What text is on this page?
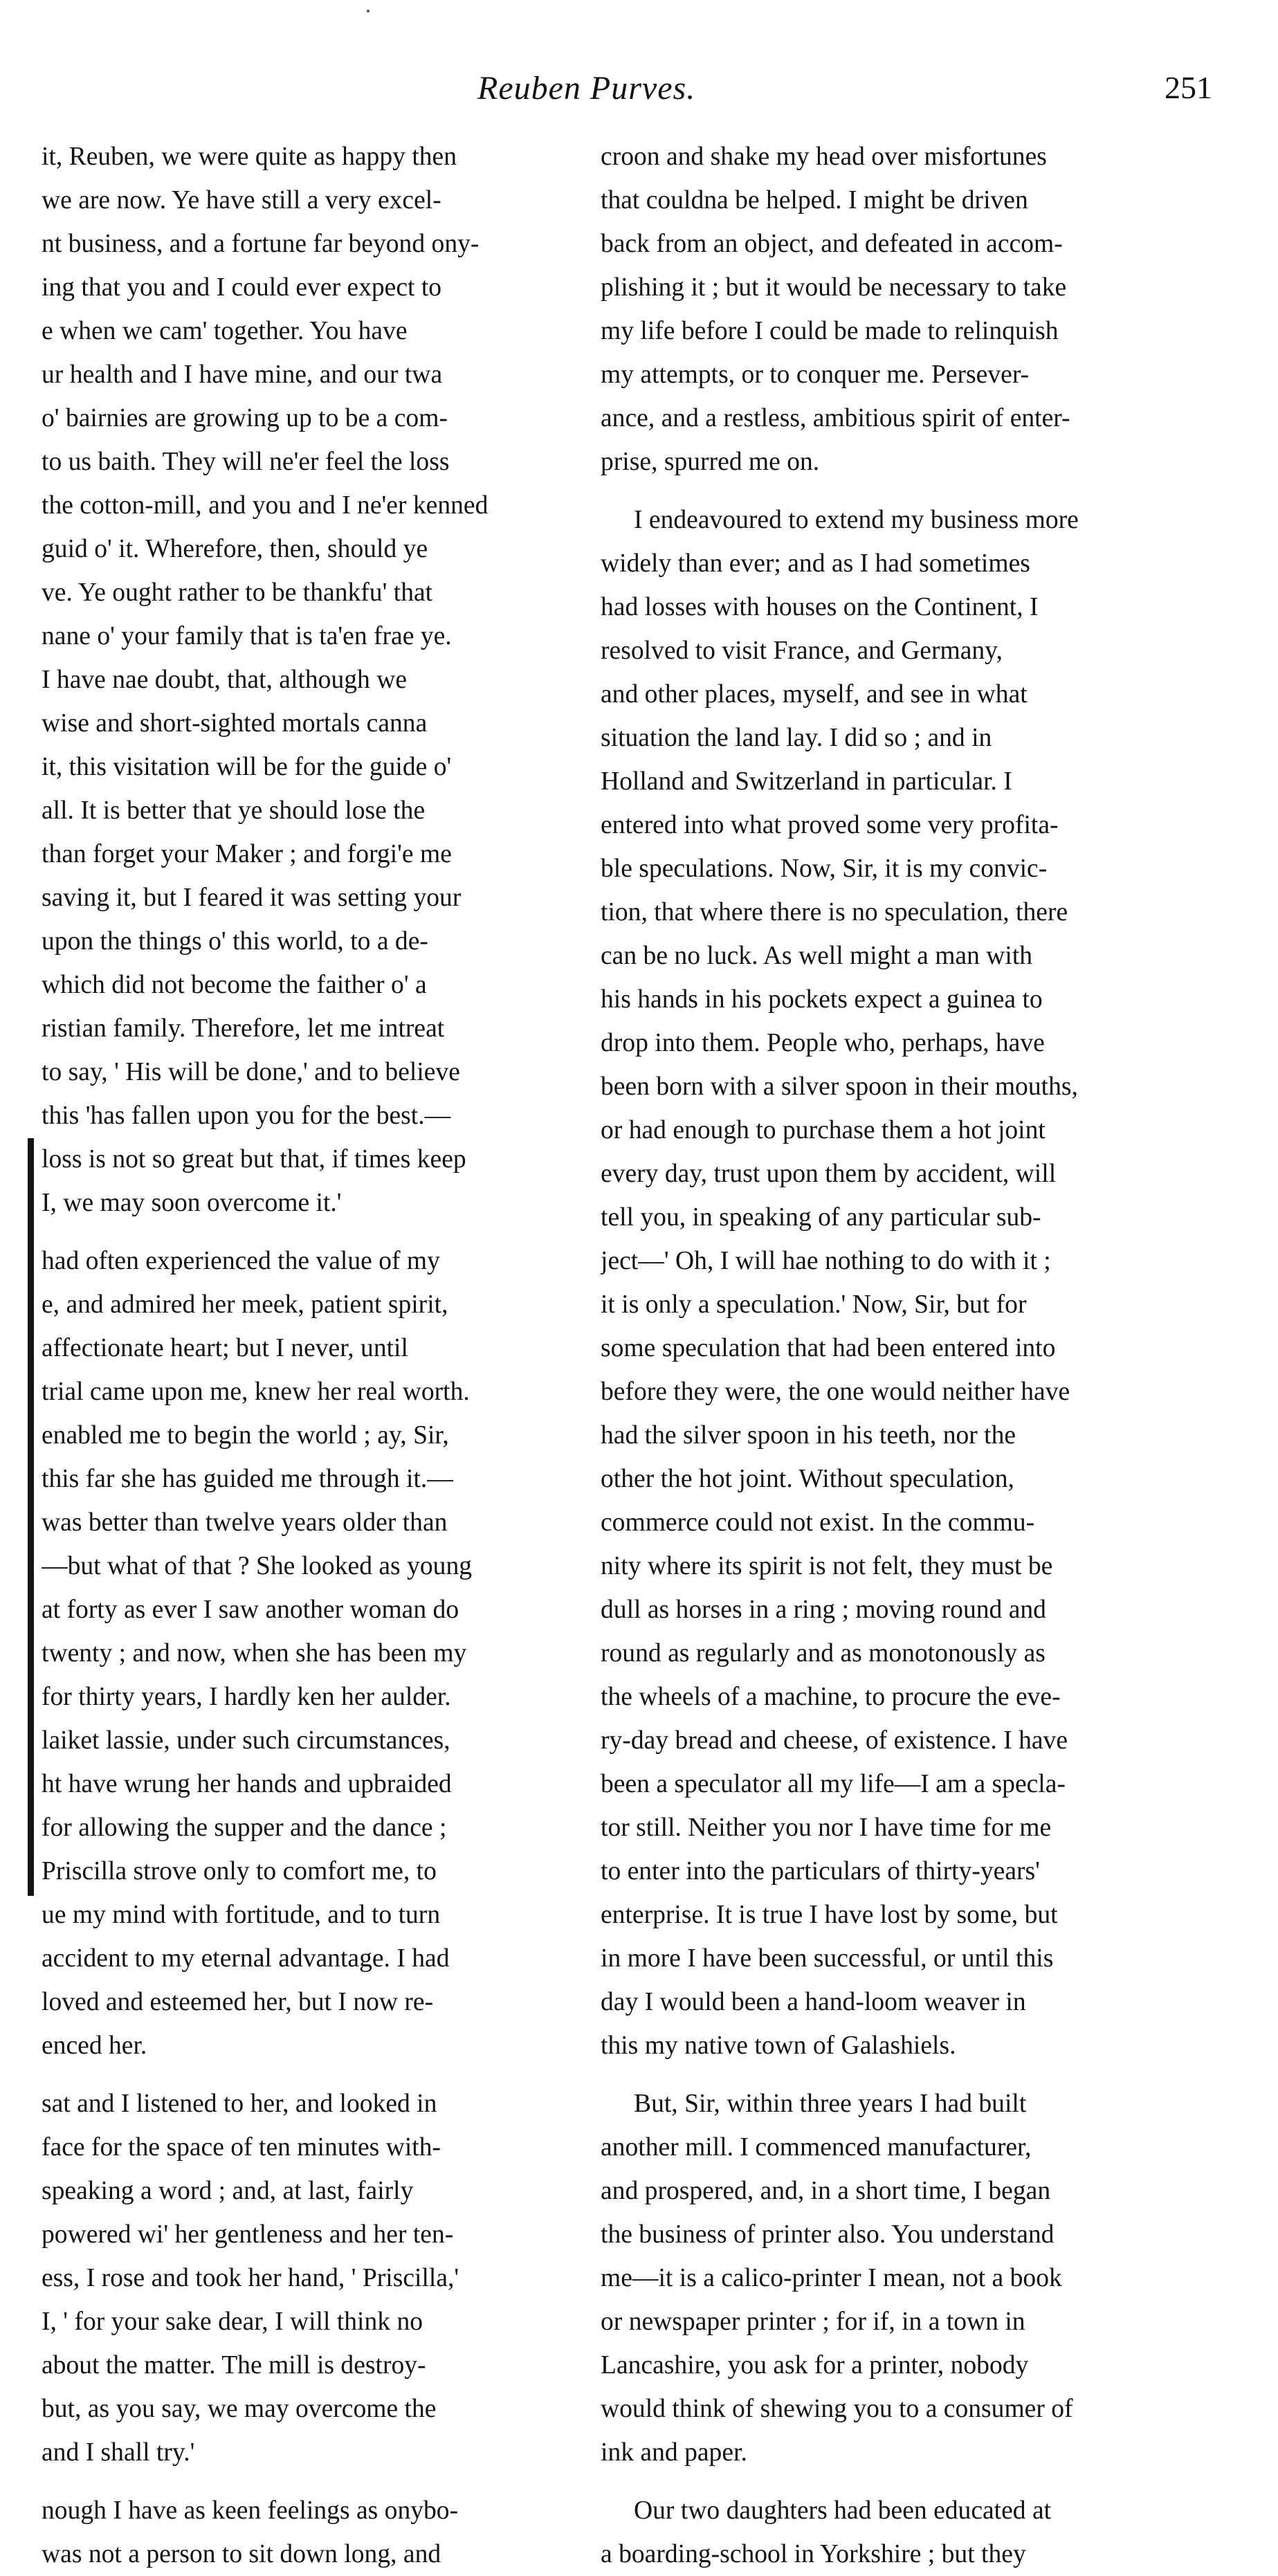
Reuben Purves.	251
it, Reuben, we were quite as happy then
we are now. Ye have still a very excel-
nt business, and a fortune far beyond ony-
ing that you and I could ever expect to
e when we cam' together. You have
ur health and I have mine, and our twa
o' bairnies are growing up to be a com-
to us baith. They will ne'er feel the loss
the cotton-mill, and you and I ne'er kenned
guid o' it. Wherefore, then, should ye
ve. Ye ought rather to be thankfu' that
nane o' your family that is ta'en frae ye.
I have nae doubt, that, although we
wise and short-sighted mortals canna
it, this visitation will be for the guide o'
all. It is better that ye should lose the
than forget your Maker ; and forgi'e me
saving it, but I feared it was setting your
upon the things o' this world, to a de-
which did not become the faither o' a
ristian family. Therefore, let me intreat
to say, ' His will be done,' and to believe
this 'has fallen upon you for the best.—
loss is not so great but that, if times keep
I, we may soon overcome it.'
had often experienced the value of my
e, and admired her meek, patient spirit,
affectionate heart; but I never, until
trial came upon me, knew her real worth.
enabled me to begin the world ; ay, Sir,
this far she has guided me through it.—
was better than twelve years older than
—but what of that ? She looked as young
at forty as ever I saw another woman do
twenty ; and now, when she has been my
for thirty years, I hardly ken her aulder.
laiket lassie, under such circumstances,
ht have wrung her hands and upbraided
for allowing the supper and the dance ;
Priscilla strove only to comfort me, to
ue my mind with fortitude, and to turn
accident to my eternal advantage. I had
loved and esteemed her, but I now re-
enced her.
sat and I listened to her, and looked in
face for the space of ten minutes with-
speaking a word ; and, at last, fairly
powered wi' her gentleness and her ten-
ess, I rose and took her hand, ' Priscilla,'
I, ' for your sake dear, I will think no
about the matter. The mill is destroy-
but, as you say, we may overcome the
and I shall try.'
nough I have as keen feelings as onybo-
was not a person to sit down long, and
croon and shake my head over misfortunes
that couldna be helped. I might be driven
back from an object, and defeated in accom-
plishing it ; but it would be necessary to take
my life before I could be made to relinquish
my attempts, or to conquer me. Persever-
ance, and a restless, ambitious spirit of enter-
prise, spurred me on.
I endeavoured to extend my business more
widely than ever; and as I had sometimes
had losses with houses on the Continent, I
resolved to visit France, and Germany,
and other places, myself, and see in what
situation the land lay. I did so ; and in
Holland and Switzerland in particular. I
entered into what proved some very profita-
ble speculations. Now, Sir, it is my convic-
tion, that where there is no speculation, there
can be no luck. As well might a man with
his hands in his pockets expect a guinea to
drop into them. People who, perhaps, have
been born with a silver spoon in their mouths,
or had enough to purchase them a hot joint
every day, trust upon them by accident, will
tell you, in speaking of any particular sub-
ject—' Oh, I will hae nothing to do with it ;
it is only a speculation.' Now, Sir, but for
some speculation that had been entered into
before they were, the one would neither have
had the silver spoon in his teeth, nor the
other the hot joint. Without speculation,
commerce could not exist. In the commu-
nity where its spirit is not felt, they must be
dull as horses in a ring ; moving round and
round as regularly and as monotonously as
the wheels of a machine, to procure the eve-
ry-day bread and cheese, of existence. I have
been a speculator all my life—I am a specla-
tor still. Neither you nor I have time for me
to enter into the particulars of thirty-years'
enterprise. It is true I have lost by some, but
in more I have been successful, or until this
day I would been a hand-loom weaver in
this my native town of Galashiels.
But, Sir, within three years I had built
another mill. I commenced manufacturer,
and prospered, and, in a short time, I began
the business of printer also. You understand
me—it is a calico-printer I mean, not a book
or newspaper printer ; for if, in a town in
Lancashire, you ask for a printer, nobody
would think of shewing you to a consumer of
ink and paper.
Our two daughters had been educated at
a boarding-school in Yorkshire ; but they
